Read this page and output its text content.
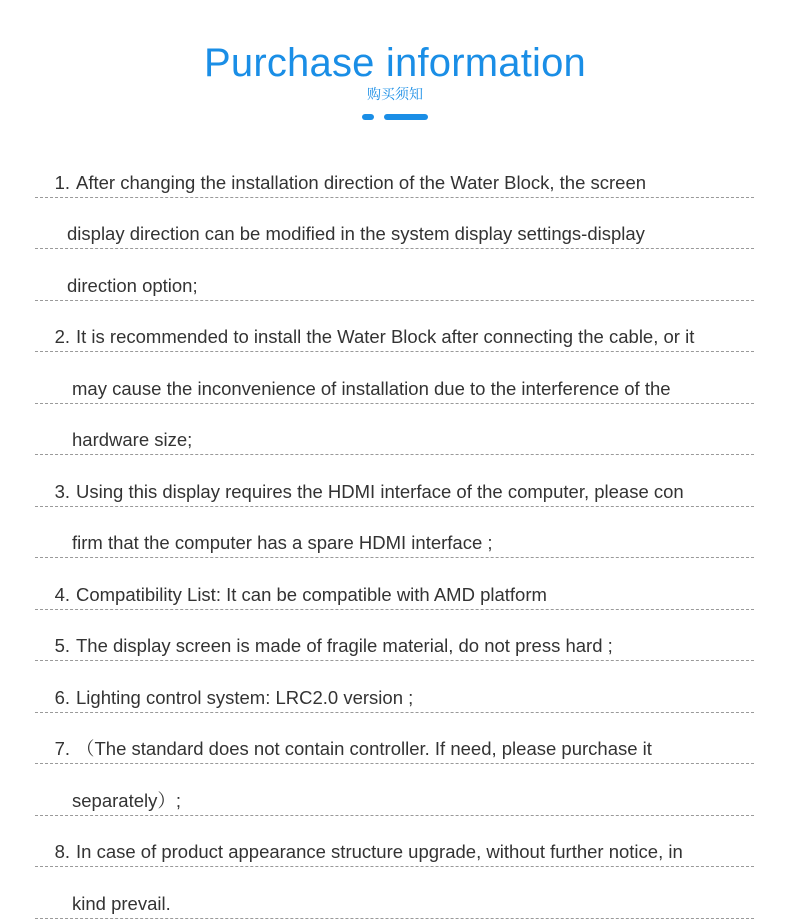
Purchase information
购买须知
1. After changing the installation direction of the Water Block, the screen
display direction can be modified in the system display settings-display
direction option;
2. It is recommended to install the Water Block after connecting the cable, or it
may cause the inconvenience of installation due to the interference of the
hardware size;
3. Using this display requires the HDMI interface of the computer, please con
firm that the computer has a spare HDMI interface ;
4. Compatibility List: It can be compatible with AMD platform
5. The display screen is made of fragile material, do not press hard ;
6. Lighting control system: LRC2.0 version ;
7. （The standard does not contain controller. If need, please purchase it
separately）;
8. In case of product appearance structure upgrade, without further notice, in
kind prevail.
